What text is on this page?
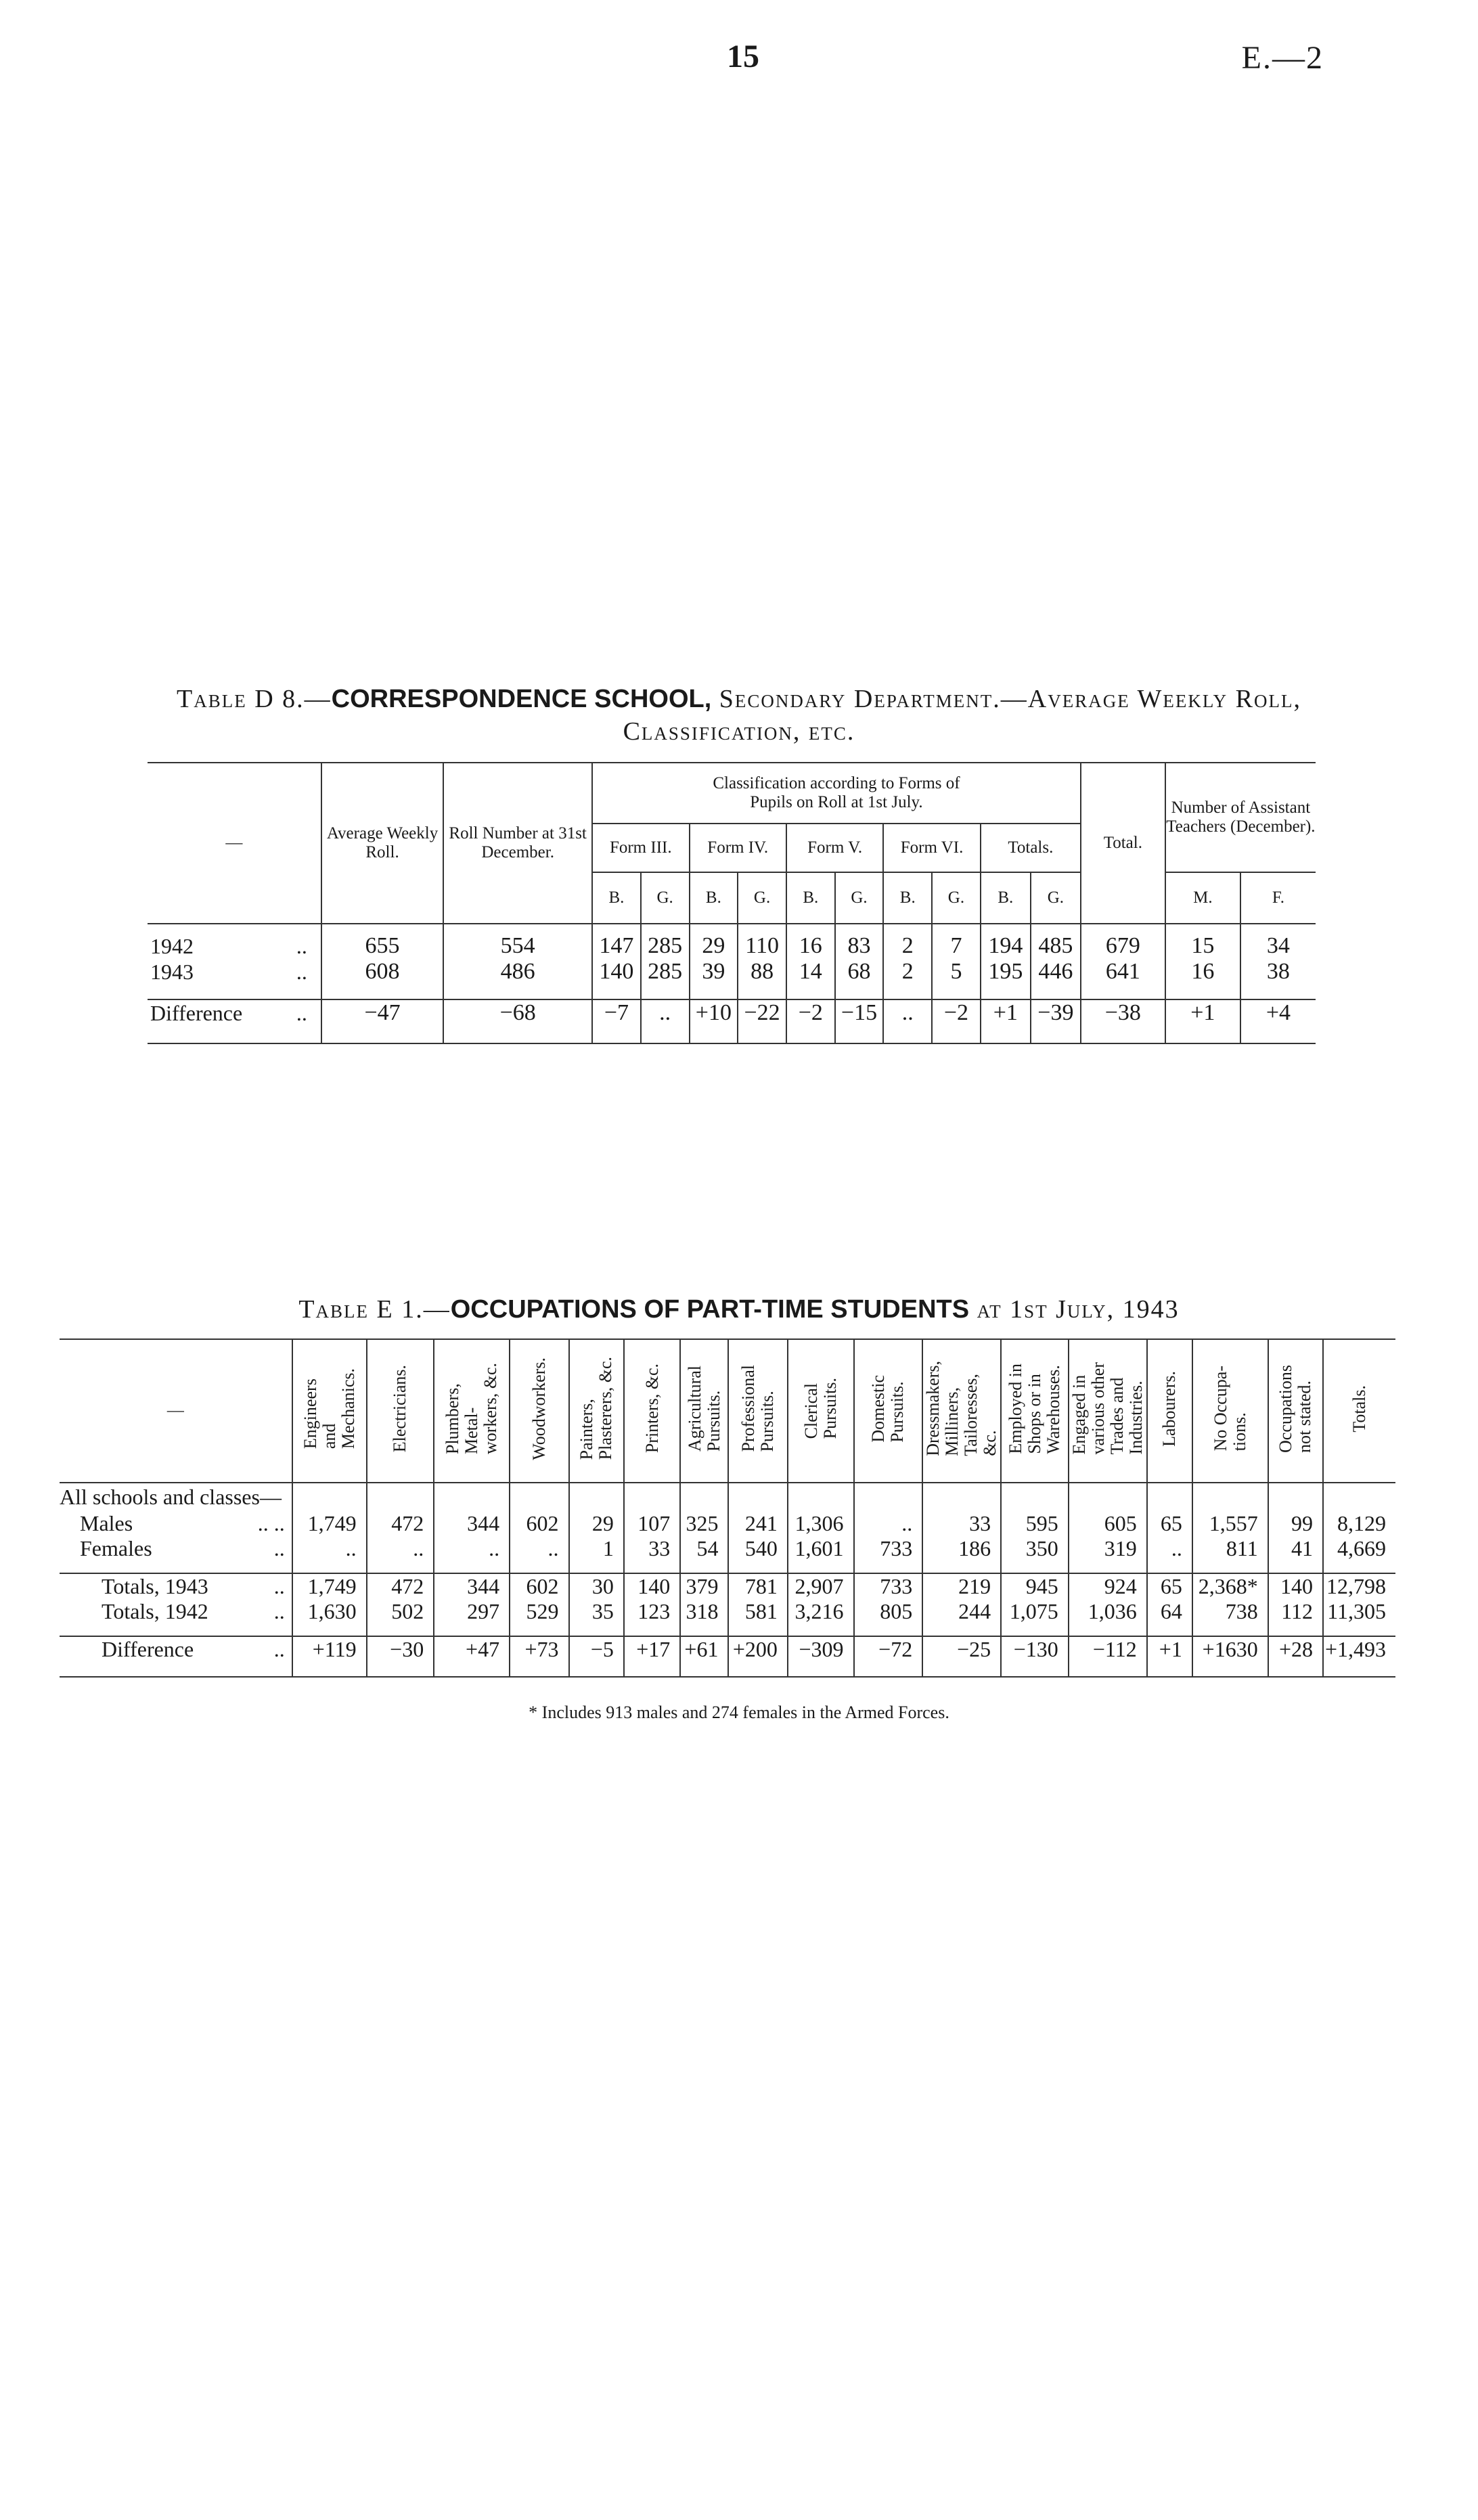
15	E.—2
Table D 8.—CORRESPONDENCE SCHOOL, Secondary Department.—Average Weekly Roll,
Classification, etc.
—	Average Weekly Roll.	Roll Number at 31st December.	Classification according to Forms of Pupils on Roll at 1st July.										Total.	Number of Assistant Teachers (December).	
			Form III.		Form IV.		Form V.		Form VI.		Totals.				
			B.	G.	B.	G.	B.	G.	B.	G.	B.	G.		M.	F.

1942 ..	655	554	147	285	29	110	16	83	2	7	194	485	679	15	34
1943 ..	608	486	140	285	39	88	14	68	2	5	195	446	641	16	38

Difference ..	−47	−68	−7	..	+10	−22	−2	−15	..	−2	+1	−39	−38	+1	+4

Table E 1.—OCCUPATIONS OF PART-TIME STUDENTS at 1st July, 1943
—	Engineers
and
Mechanics.	Electricians.	Plumbers,
Metal-
workers, &c.	Woodworkers.	Painters,
Plasterers, &c.	Printers, &c.	Agricultural
Pursuits.	Professional
Pursuits.	Clerical
Pursuits.	Domestic
Pursuits.	Dressmakers,
Milliners,
Tailoresses,
&c.	Employed in
Shops or in
Warehouses.	Engaged in
various other
Trades and
Industries.	Labourers.	No Occupa-
tions.	Occupations
not stated.	Totals.
All schools and classes—																	
Males .. ..	1,749	472	344	602	29	107	325	241	1,306	..	33	595	605	65	1,557	99	8,129
Females ..	..	..	..	..	1	33	54	540	1,601	733	186	350	319	..	811	41	4,669

Totals, 1943 ..	1,749	472	344	602	30	140	379	781	2,907	733	219	945	924	65	2,368*	140	12,798
Totals, 1942 ..	1,630	502	297	529	35	123	318	581	3,216	805	244	1,075	1,036	64	738	112	11,305

Difference ..	+119	−30	+47	+73	−5	+17	+61	+200	−309	−72	−25	−130	−112	+1	+1630	+28	+1,493

* Includes 913 males and 274 females in the Armed Forces.
